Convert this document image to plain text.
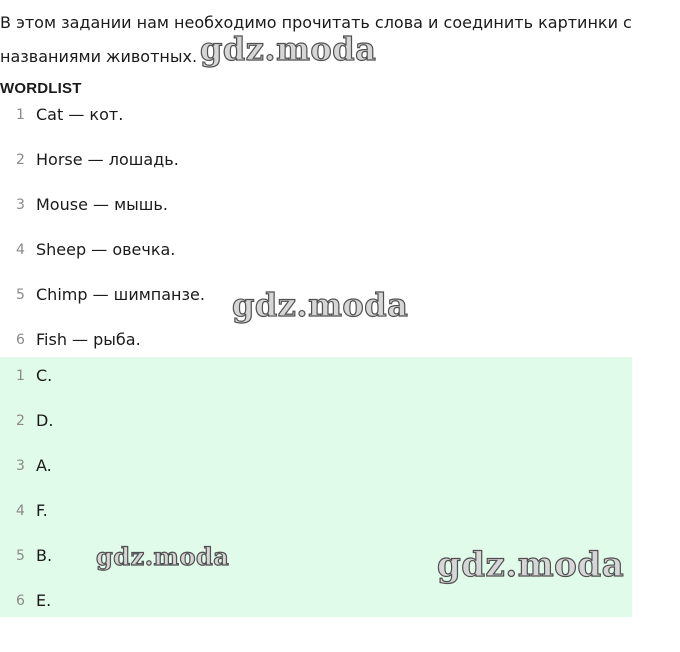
В этом задании нам необходимо прочитать слова и соединить картинки с названиями животных.
WORDLIST
1 Cat — кот.
2 Horse — лошадь.
3 Mouse — мышь.
4 Sheep — овечка.
5 Chimp — шимпанзе.
6 Fish — рыба.
1 C.
2 D.
3 A.
4 F.
5 B.
6 E.
gdz.moda
gdz.moda
gdz.moda	gdz.moda
